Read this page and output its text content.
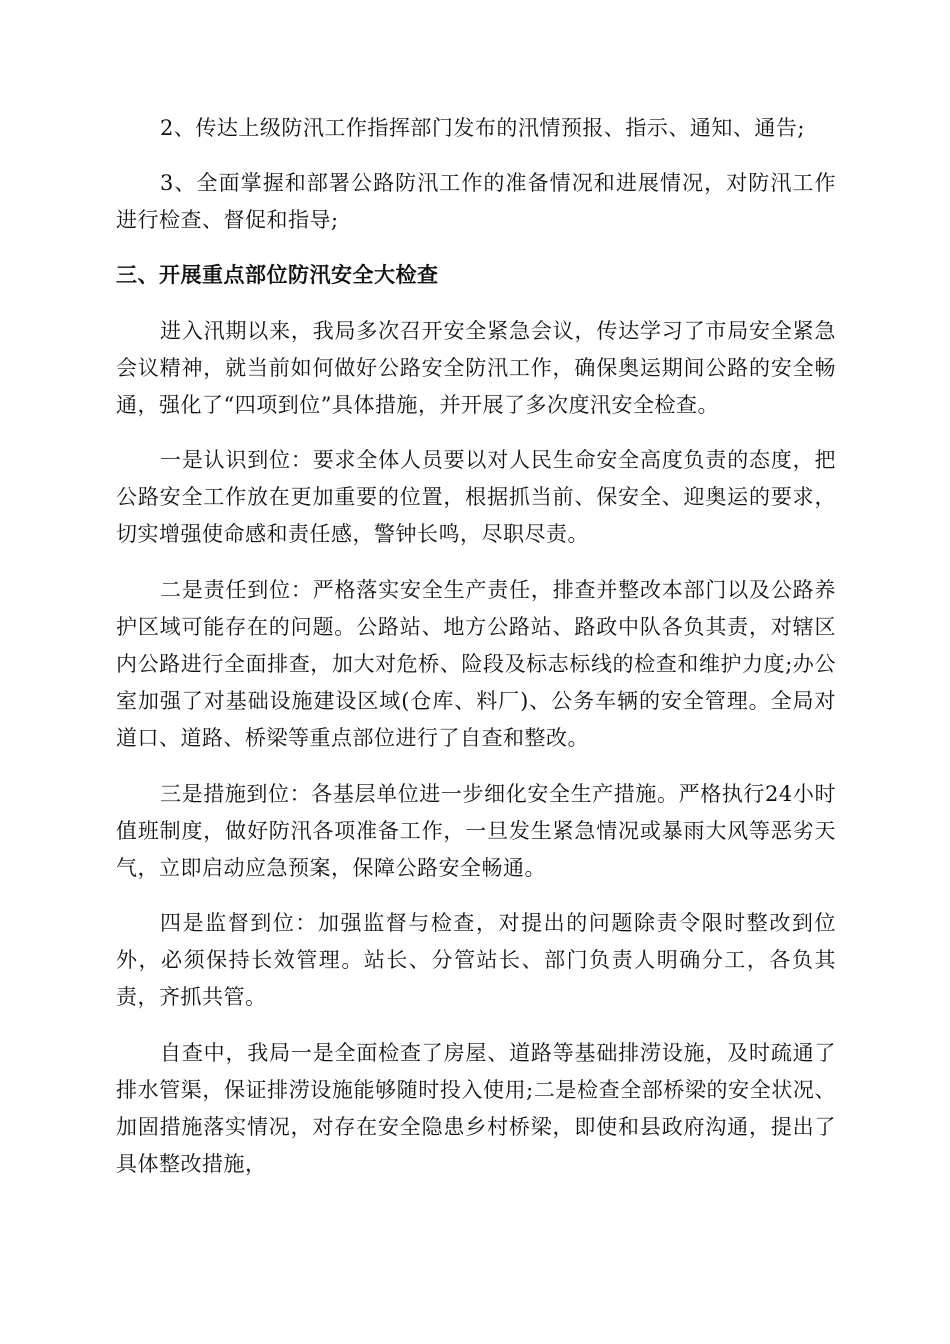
2、传达上级防汛工作指挥部门发布的汛情预报、指示、通知、通告;

3、全面掌握和部署公路防汛工作的准备情况和进展情况，对防汛工作进行检查、督促和指导;

三、开展重点部位防汛安全大检查

进入汛期以来，我局多次召开安全紧急会议，传达学习了市局安全紧急会议精神，就当前如何做好公路安全防汛工作，确保奥运期间公路的安全畅通，强化了“四项到位”具体措施，并开展了多次度汛安全检查。

一是认识到位：要求全体人员要以对人民生命安全高度负责的态度，把公路安全工作放在更加重要的位置，根据抓当前、保安全、迎奥运的要求，切实增强使命感和责任感，警钟长鸣，尽职尽责。

二是责任到位：严格落实安全生产责任，排查并整改本部门以及公路养护区域可能存在的问题。公路站、地方公路站、路政中队各负其责，对辖区内公路进行全面排查，加大对危桥、险段及标志标线的检查和维护力度;办公室加强了对基础设施建设区域(仓库、料厂)、公务车辆的安全管理。全局对道口、道路、桥梁等重点部位进行了自查和整改。

三是措施到位：各基层单位进一步细化安全生产措施。严格执行24小时值班制度，做好防汛各项准备工作，一旦发生紧急情况或暴雨大风等恶劣天气，立即启动应急预案，保障公路安全畅通。

四是监督到位：加强监督与检查，对提出的问题除责令限时整改到位外，必须保持长效管理。站长、分管站长、部门负责人明确分工，各负其责，齐抓共管。

自查中，我局一是全面检查了房屋、道路等基础排涝设施，及时疏通了排水管渠，保证排涝设施能够随时投入使用;二是检查全部桥梁的安全状况、加固措施落实情况，对存在安全隐患乡村桥梁，即使和县政府沟通，提出了具体整改措施，
